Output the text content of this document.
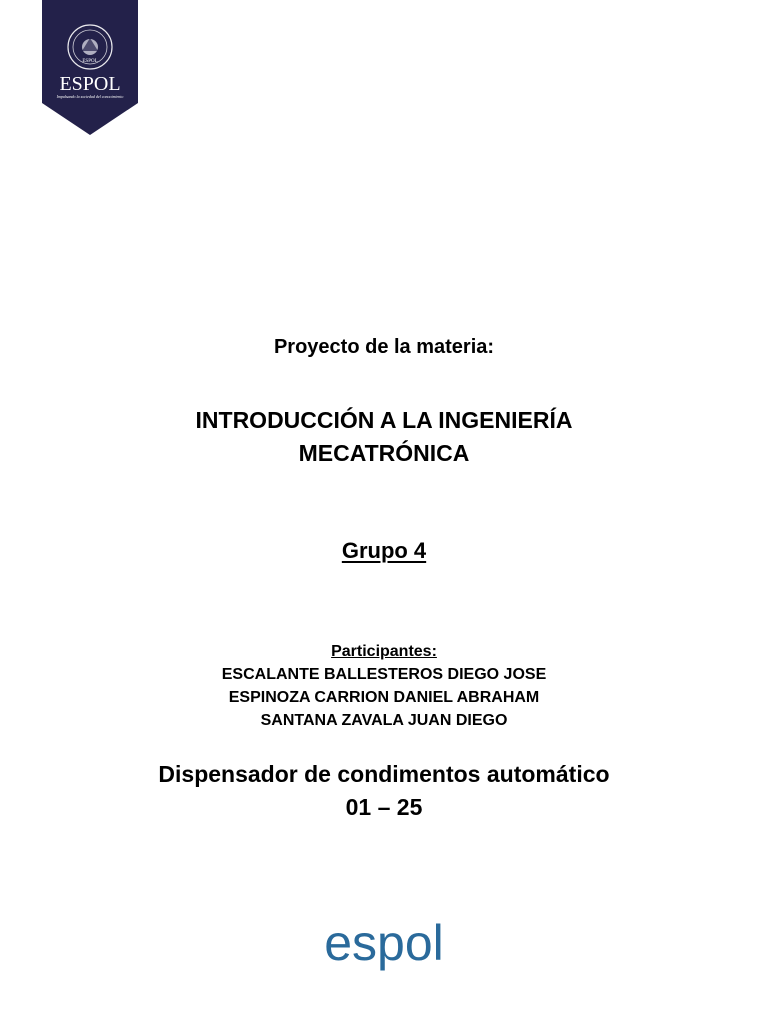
ESPOL
ESPOL
Impulsando la sociedad del conocimiento
Proyecto de la materia:
INTRODUCCIÓN A LA INGENIERÍA
MECATRÓNICA
Grupo 4
Participantes:
ESCALANTE BALLESTEROS DIEGO JOSE
ESPINOZA CARRION DANIEL ABRAHAM
SANTANA ZAVALA JUAN DIEGO
Dispensador de condimentos automático
01 – 25
espol
